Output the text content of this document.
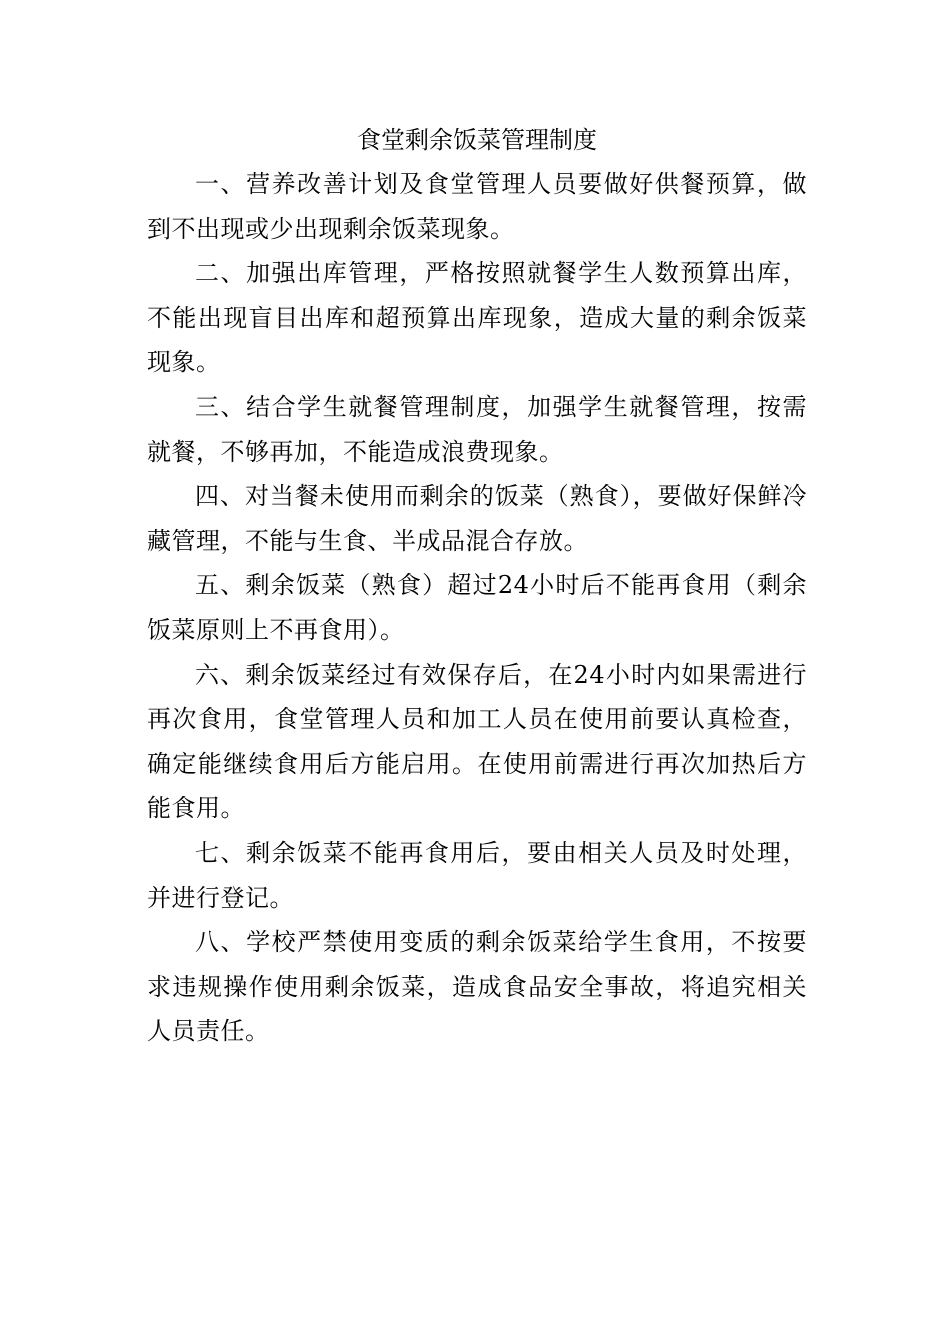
食堂剩余饭菜管理制度

一、营养改善计划及食堂管理人员要做好供餐预算，做到不出现或少出现剩余饭菜现象。

二、加强出库管理，严格按照就餐学生人数预算出库，不能出现盲目出库和超预算出库现象，造成大量的剩余饭菜现象。

三、结合学生就餐管理制度，加强学生就餐管理，按需就餐，不够再加，不能造成浪费现象。

四、对当餐未使用而剩余的饭菜（熟食），要做好保鲜冷藏管理，不能与生食、半成品混合存放。

五、剩余饭菜（熟食）超过24小时后不能再食用（剩余饭菜原则上不再食用）。

六、剩余饭菜经过有效保存后，在24小时内如果需进行再次食用，食堂管理人员和加工人员在使用前要认真检查，确定能继续食用后方能启用。在使用前需进行再次加热后方能食用。

七、剩余饭菜不能再食用后，要由相关人员及时处理，并进行登记。

八、学校严禁使用变质的剩余饭菜给学生食用，不按要求违规操作使用剩余饭菜，造成食品安全事故，将追究相关人员责任。
